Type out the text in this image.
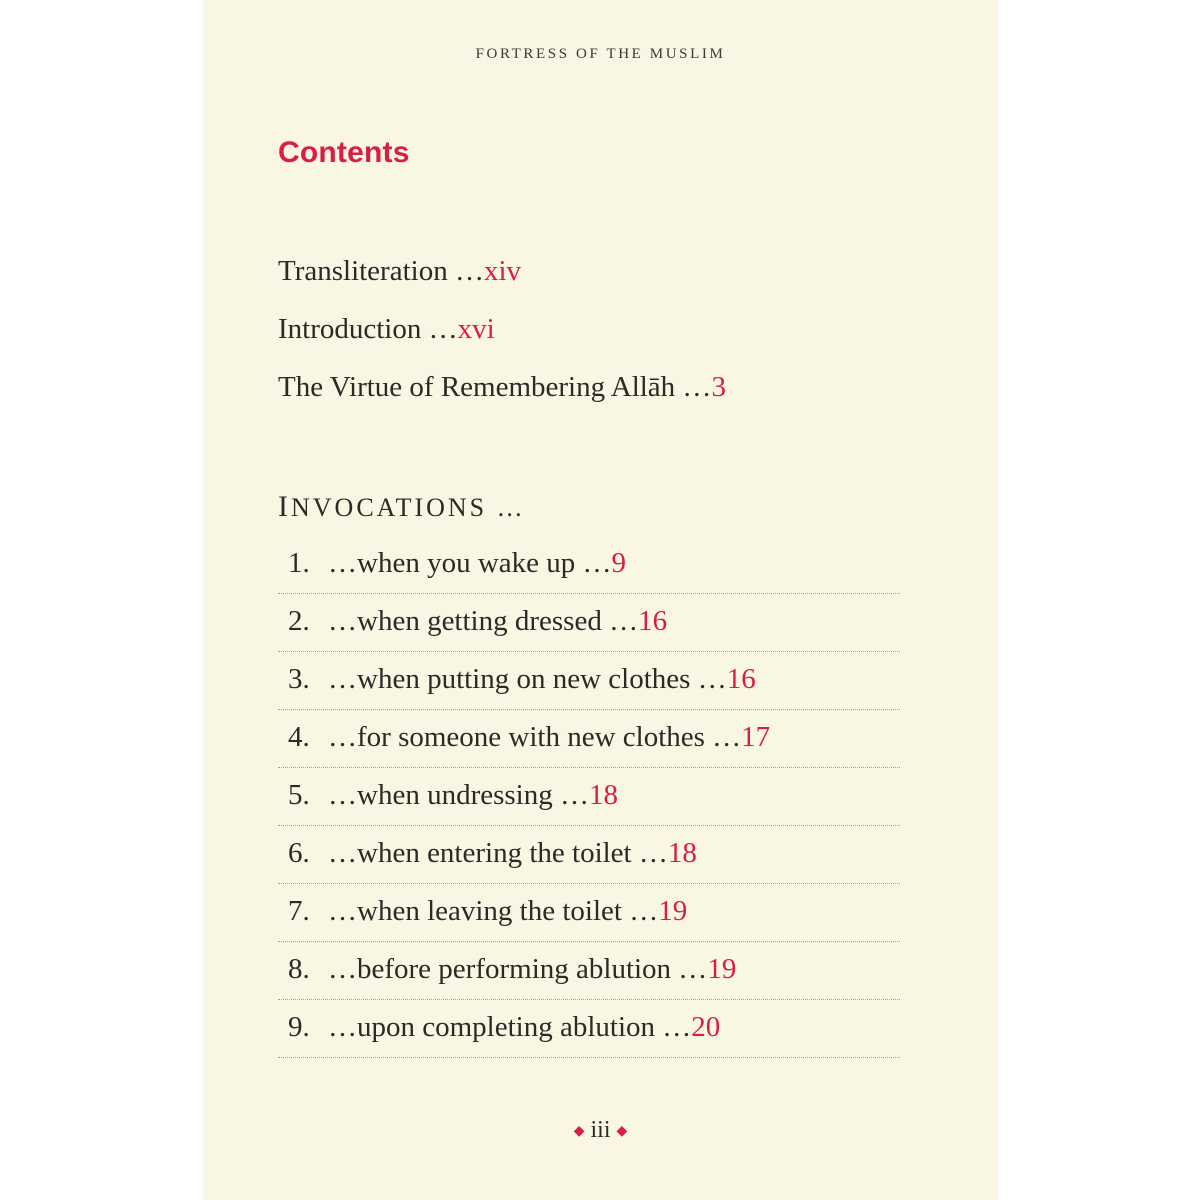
FORTRESS OF THE MUSLIM
Contents
Transliteration …xiv
Introduction …xvi
The Virtue of Remembering Allāh …3
INVOCATIONS …
1. …when you wake up …9
2. …when getting dressed …16
3. …when putting on new clothes …16
4. …for someone with new clothes …17
5. …when undressing …18
6. …when entering the toilet …18
7. …when leaving the toilet …19
8. …before performing ablution …19
9. …upon completing ablution …20
◆ iii ◆
